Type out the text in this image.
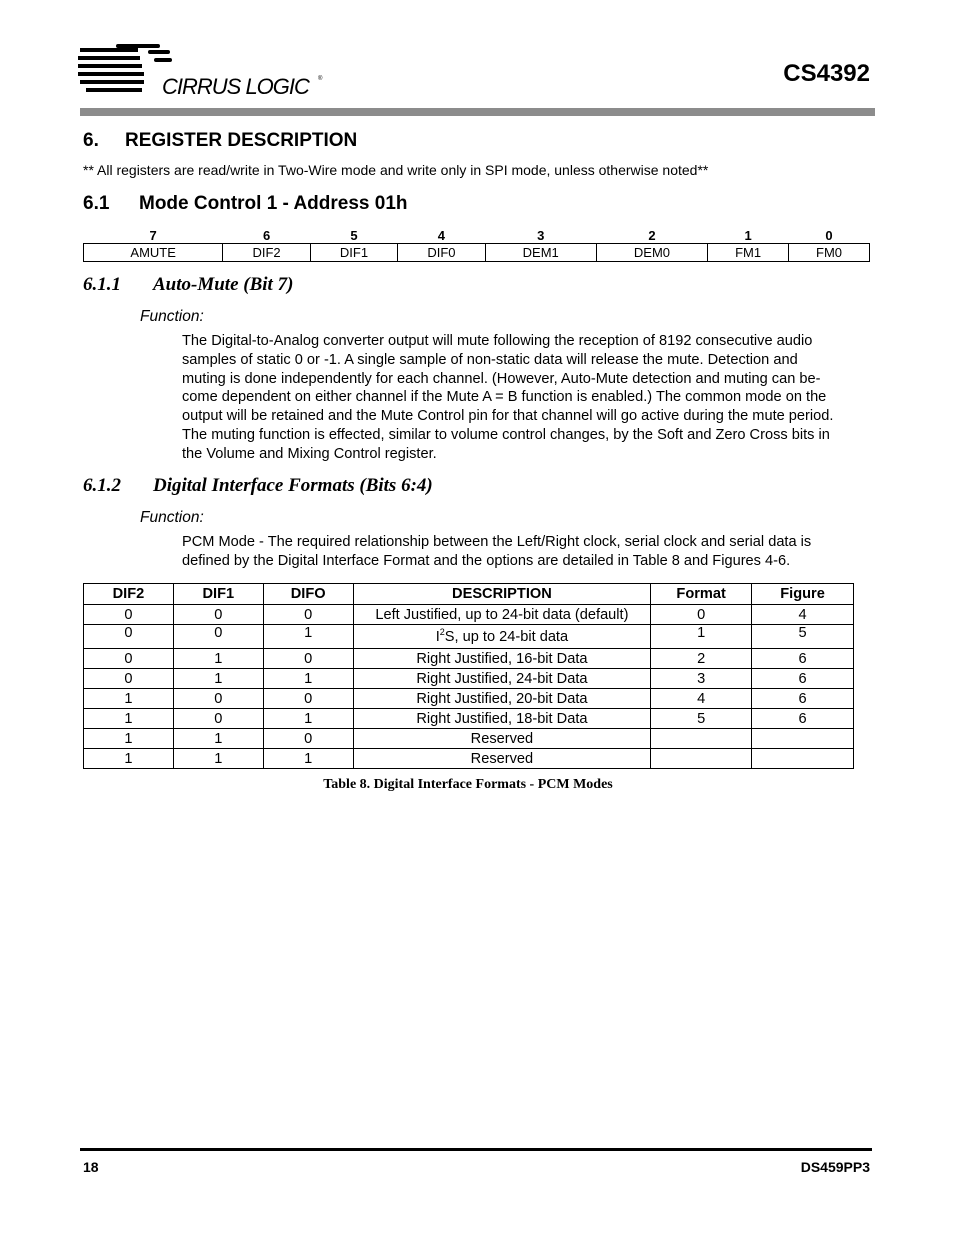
CIRRUS LOGIC ®	CS4392
6. REGISTER DESCRIPTION
** All registers are read/write in Two-Wire mode and write only in SPI mode, unless otherwise noted**
6.1 Mode Control 1 - Address 01h
7	6	5	4	3	2	1	0
AMUTE	DIF2	DIF1	DIF0	DEM1	DEM0	FM1	FM0
6.1.1 Auto-Mute (Bit 7)
Function:
The Digital-to-Analog converter output will mute following the reception of 8192 consecutive audio
samples of static 0 or -1. A single sample of non-static data will release the mute. Detection and
muting is done independently for each channel. (However, Auto-Mute detection and muting can be-
come dependent on either channel if the Mute A = B function is enabled.) The common mode on the
output will be retained and the Mute Control pin for that channel will go active during the mute period.
The muting function is effected, similar to volume control changes, by the Soft and Zero Cross bits in
the Volume and Mixing Control register.
6.1.2 Digital Interface Formats (Bits 6:4)
Function:
PCM Mode - The required relationship between the Left/Right clock, serial clock and serial data is
defined by the Digital Interface Format and the options are detailed in Table 8 and Figures 4-6.
DIF2	DIF1	DIFO	DESCRIPTION	Format	Figure
0	0	0	Left Justified, up to 24-bit data (default)	0	4
0	0	1	$I^2S$, up to 24-bit data	1	5
0	1	0	Right Justified, 16-bit Data	2	6
0	1	1	Right Justified, 24-bit Data	3	6
1	0	0	Right Justified, 20-bit Data	4	6
1	0	1	Right Justified, 18-bit Data	5	6
1	1	0	Reserved		
1	1	1	Reserved		
Table 8. Digital Interface Formats - PCM Modes
18	DS459PP3
